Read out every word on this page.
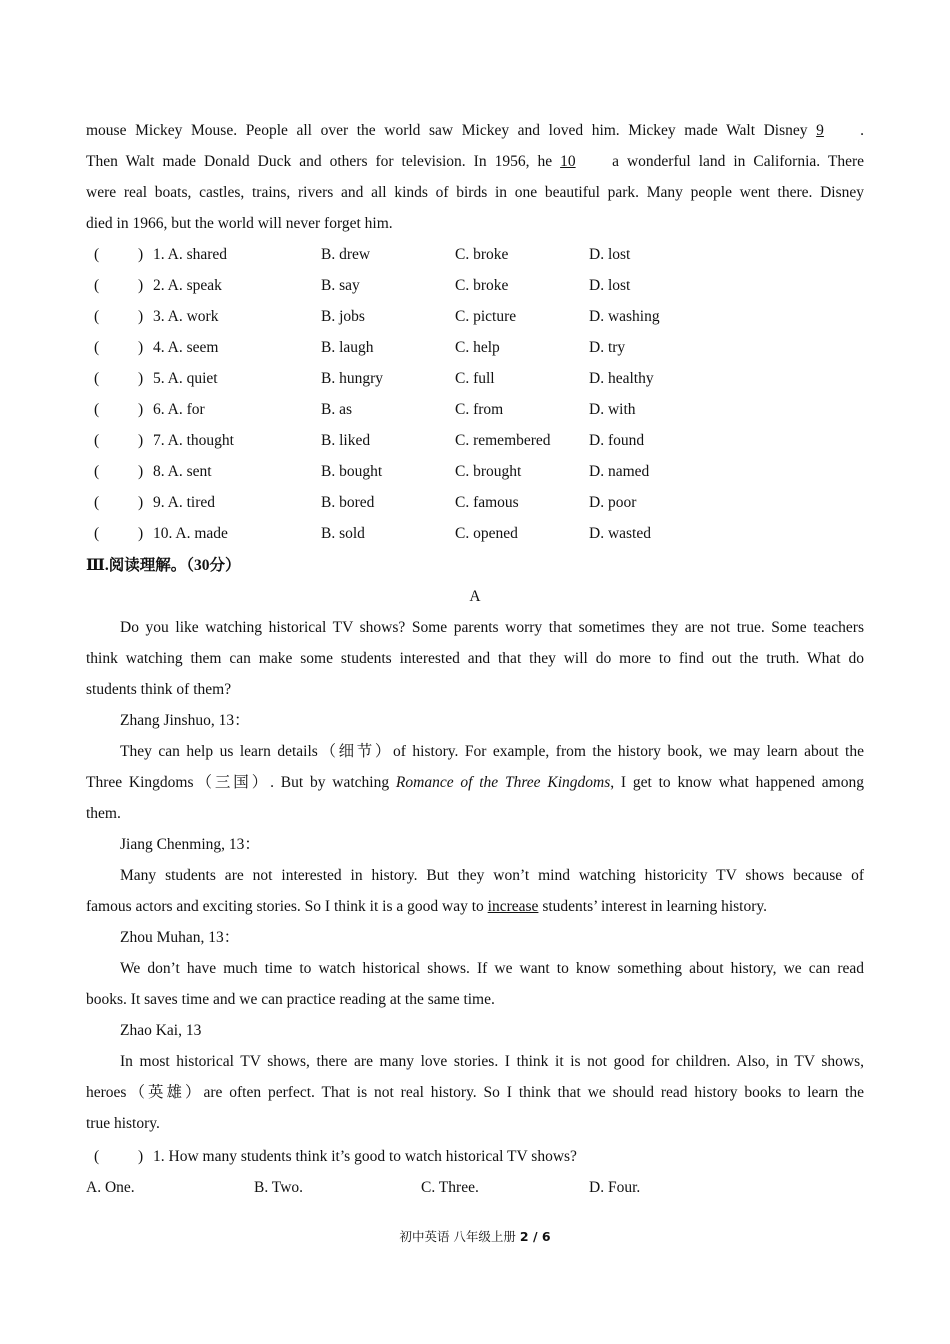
mouse Mickey Mouse. People all over the world saw Mickey and loved him. Mickey made Walt Disney 9 .
Then Walt made Donald Duck and others for television. In 1956, he 10 a wonderful land in California. There
were real boats, castles, trains, rivers and all kinds of birds in one beautiful park. Many people went there. Disney
died in 1966, but the world will never forget him.
(	) 1. A. shared	B. drew	C. broke	D. lost
(	) 2. A. speak	B. say	C. broke	D. lost
(	) 3. A. work	B. jobs	C. picture	D. washing
(	) 4. A. seem	B. laugh	C. help	D. try
(	) 5. A. quiet	B. hungry	C. full	D. healthy
(	) 6. A. for	B. as	C. from	D. with
(	) 7. A. thought	B. liked	C. remembered D. found
(	) 8. A. sent	B. bought	C. brought	D. named
(	) 9. A. tired	B. bored	C. famous	D. poor
(	) 10. A. made	B. sold	C. opened	D. wasted
Ⅲ.阅读理解。（30分）
A
Do you like watching historical TV shows? Some parents worry that sometimes they are not true. Some teachers
think watching them can make some students interested and that they will do more to find out the truth. What do
students think of them?
Zhang Jinshuo, 13：
They can help us learn details（细节）of history. For example, from the history book, we may learn about the
Three Kingdoms（三国）. But by watching Romance of the Three Kingdoms, I get to know what happened among
them.
Jiang Chenming, 13：
Many students are not interested in history. But they won’t mind watching historicity TV shows because of
famous actors and exciting stories. So I think it is a good way to increase students’ interest in learning history.
Zhou Muhan, 13：
We don’t have much time to watch historical shows. If we want to know something about history, we can read
books. It saves time and we can practice reading at the same time.
Zhao Kai, 13
In most historical TV shows, there are many love stories. I think it is not good for children. Also, in TV shows,
heroes（英雄）are often perfect. That is not real history. So I think that we should read history books to learn the
true history.
(	) 1. How many students think it’s good to watch historical TV shows?
A. One.	B. Two.	C. Three.	D. Four.
初中英语 八年级上册 2 / 6
